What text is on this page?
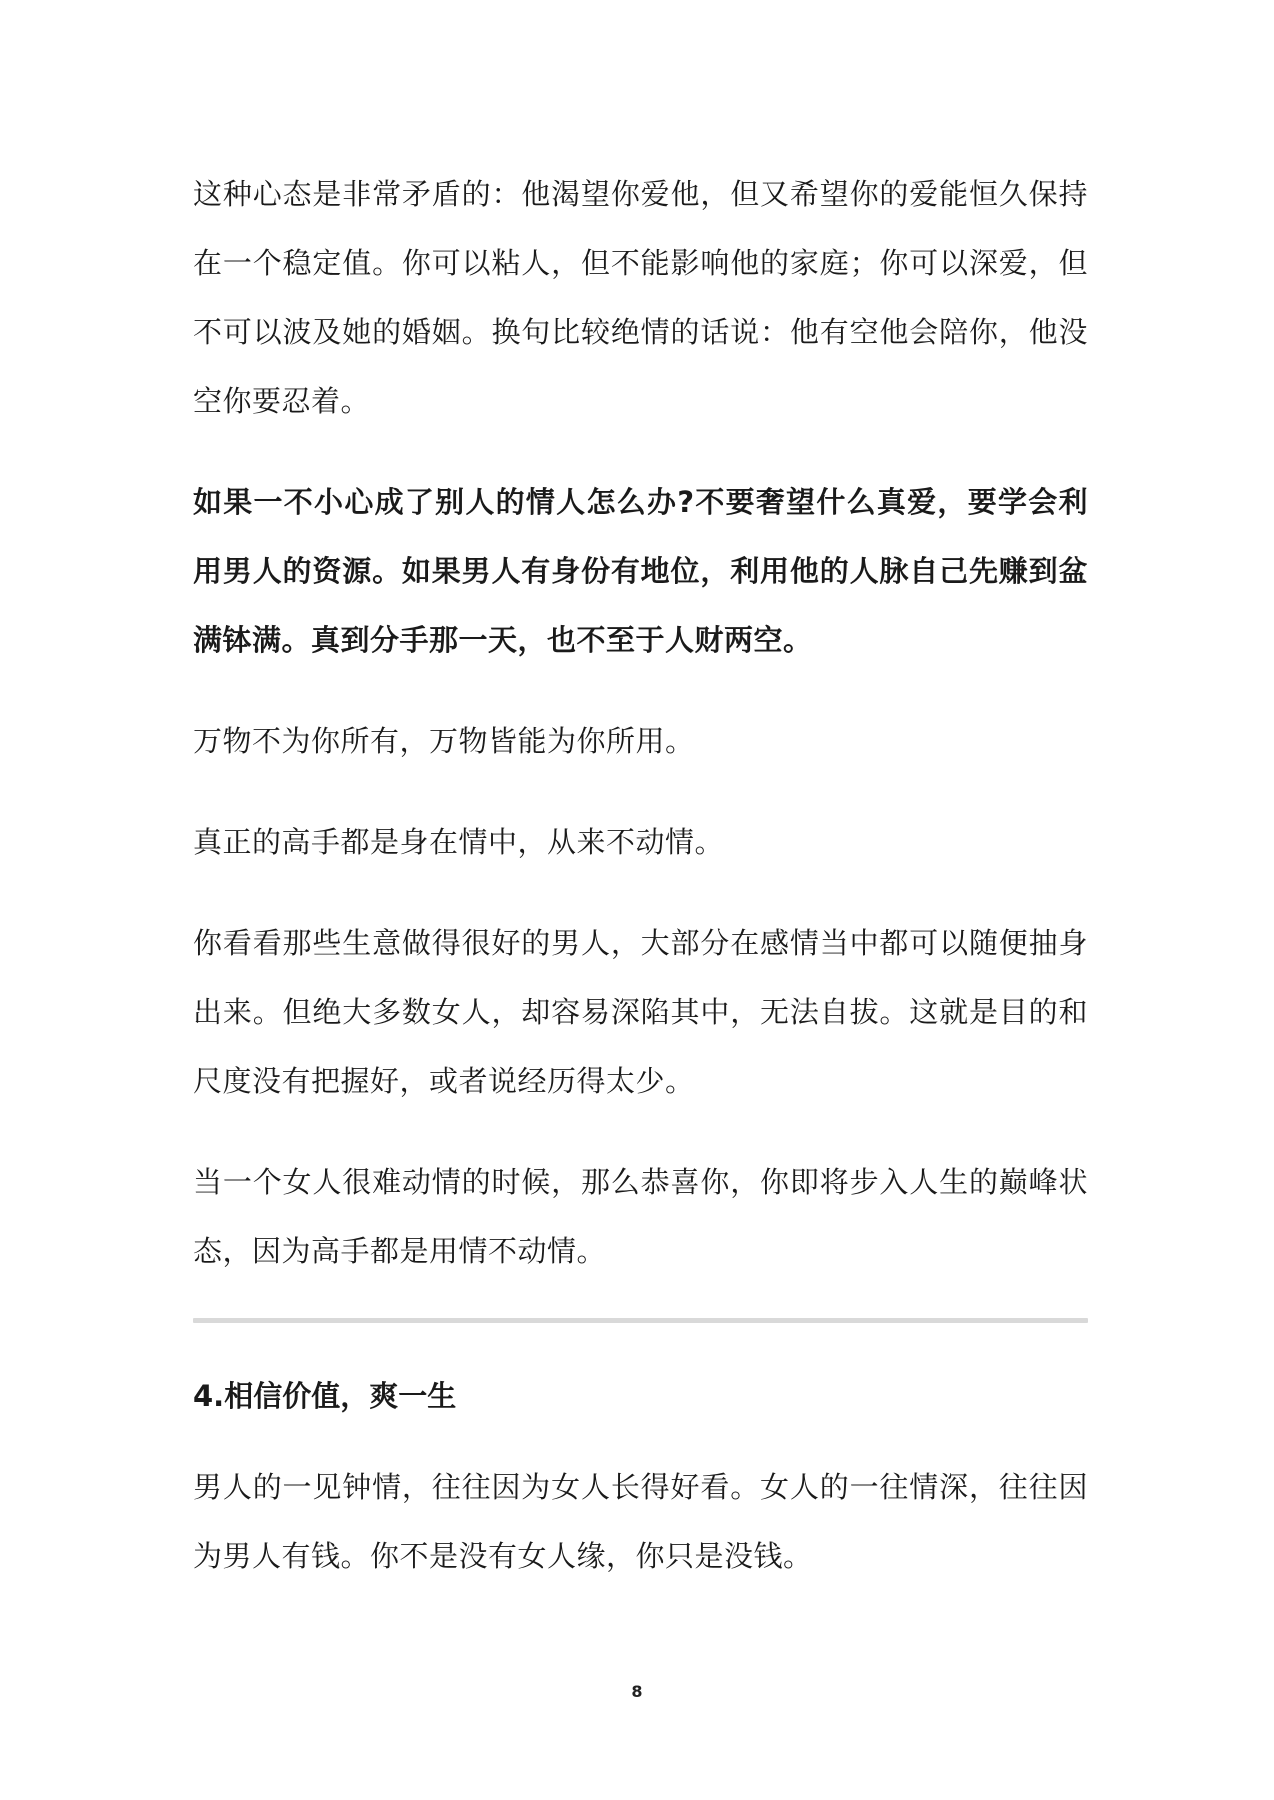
这种心态是非常矛盾的：他渴望你爱他，但又希望你的爱能恒久保持在一个稳定值。你可以粘人，但不能影响他的家庭；你可以深爱，但不可以波及她的婚姻。换句比较绝情的话说：他有空他会陪你，他没空你要忍着。

如果一不小心成了别人的情人怎么办?不要奢望什么真爱，要学会利用男人的资源。如果男人有身份有地位，利用他的人脉自己先赚到盆满钵满。真到分手那一天，也不至于人财两空。

万物不为你所有，万物皆能为你所用。

真正的高手都是身在情中，从来不动情。

你看看那些生意做得很好的男人，大部分在感情当中都可以随便抽身出来。但绝大多数女人，却容易深陷其中，无法自拔。这就是目的和尺度没有把握好，或者说经历得太少。

当一个女人很难动情的时候，那么恭喜你，你即将步入人生的巅峰状态，因为高手都是用情不动情。

4.相信价值，爽一生

男人的一见钟情，往往因为女人长得好看。女人的一往情深，往往因为男人有钱。你不是没有女人缘，你只是没钱。

8
